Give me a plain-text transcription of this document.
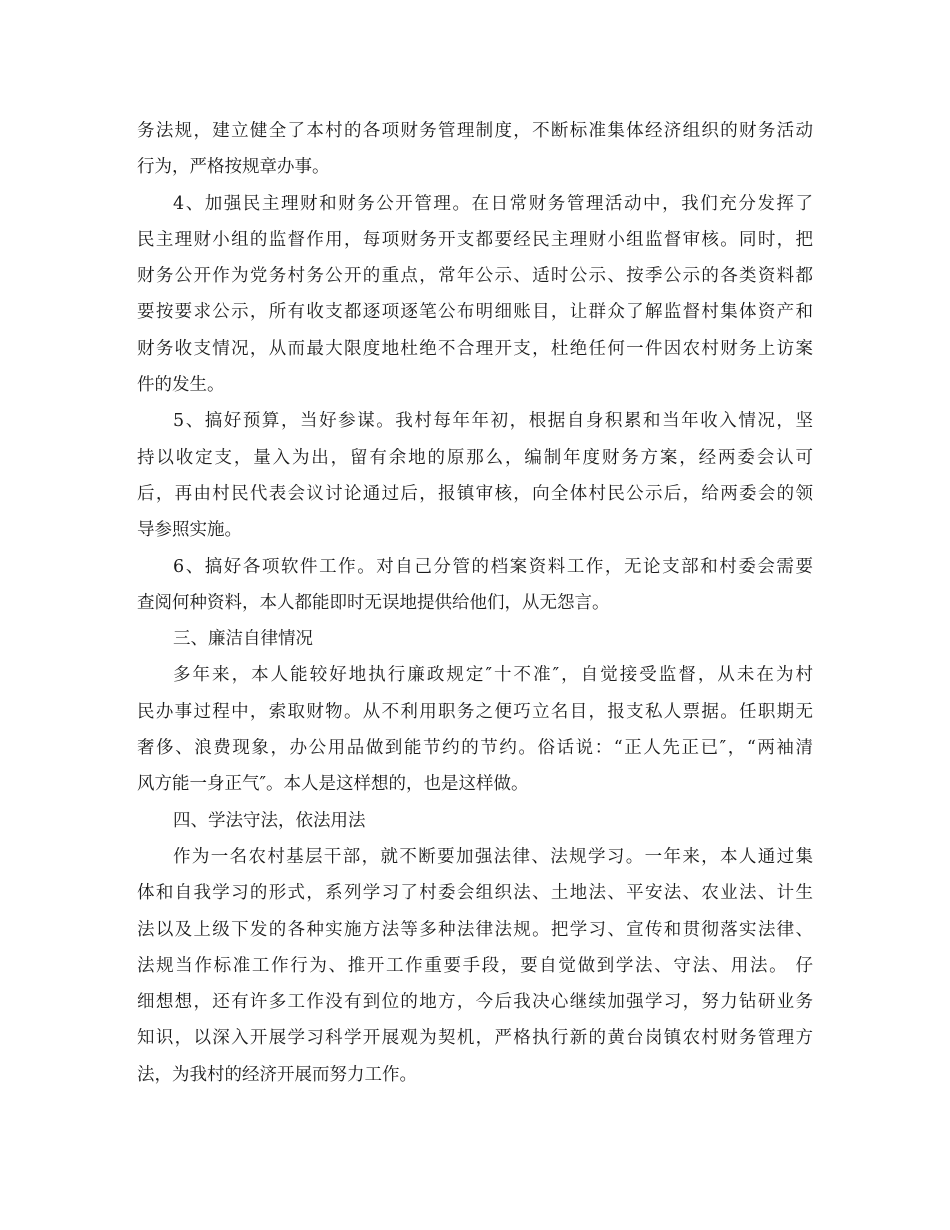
务法规，建立健全了本村的各项财务管理制度，不断标准集体经济组织的财务活动
行为，严格按规章办事。
4、加强民主理财和财务公开管理。在日常财务管理活动中，我们充分发挥了
民主理财小组的监督作用，每项财务开支都要经民主理财小组监督审核。同时，把
财务公开作为党务村务公开的重点，常年公示、适时公示、按季公示的各类资料都
要按要求公示，所有收支都逐项逐笔公布明细账目，让群众了解监督村集体资产和
财务收支情况，从而最大限度地杜绝不合理开支，杜绝任何一件因农村财务上访案
件的发生。
5、搞好预算，当好参谋。我村每年年初，根据自身积累和当年收入情况，坚
持以收定支，量入为出，留有余地的原那么，编制年度财务方案，经两委会认可
后，再由村民代表会议讨论通过后，报镇审核，向全体村民公示后，给两委会的领
导参照实施。
6、搞好各项软件工作。对自己分管的档案资料工作，无论支部和村委会需要
查阅何种资料，本人都能即时无误地提供给他们，从无怨言。
三、廉洁自律情况
多年来，本人能较好地执行廉政规定″十不准″，自觉接受监督，从未在为村
民办事过程中，索取财物。从不利用职务之便巧立名目，报支私人票据。任职期无
奢侈、浪费现象，办公用品做到能节约的节约。俗话说：“正人先正已″，“两袖清
风方能一身正气″。本人是这样想的，也是这样做。
四、学法守法，依法用法
作为一名农村基层干部，就不断要加强法律、法规学习。一年来，本人通过集
体和自我学习的形式，系列学习了村委会组织法、土地法、平安法、农业法、计生
法以及上级下发的各种实施方法等多种法律法规。把学习、宣传和贯彻落实法律、
法规当作标准工作行为、推开工作重要手段，要自觉做到学法、守法、用法。 仔
细想想，还有许多工作没有到位的地方，今后我决心继续加强学习，努力钻研业务
知识，以深入开展学习科学开展观为契机，严格执行新的黄台岗镇农村财务管理方
法，为我村的经济开展而努力工作。
